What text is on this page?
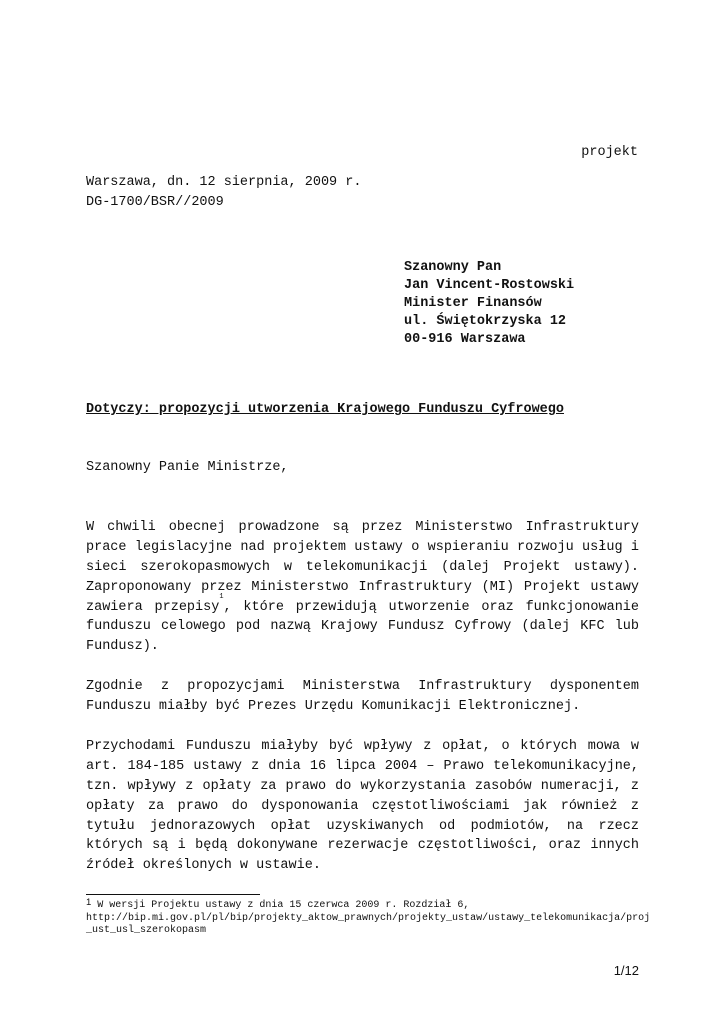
projekt
Warszawa, dn. 12 sierpnia, 2009 r.
DG-1700/BSR//2009
Szanowny Pan
Jan Vincent-Rostowski
Minister Finansów
ul. Świętokrzyska 12
00-916 Warszawa
Dotyczy: propozycji utworzenia Krajowego Funduszu Cyfrowego
Szanowny Panie Ministrze,
W chwili obecnej prowadzone są przez Ministerstwo Infrastruktury
prace legislacyjne nad projektem ustawy o wspieraniu rozwoju usług i
sieci szerokopasmowych w telekomunikacji (dalej Projekt ustawy).
Zaproponowany przez Ministerstwo Infrastruktury (MI) Projekt ustawy
zawiera przepisy$^1$, które przewidują utworzenie oraz funkcjonowanie
funduszu celowego pod nazwą Krajowy Fundusz Cyfrowy (dalej KFC lub
Fundusz).
Zgodnie z propozycjami Ministerstwa Infrastruktury dysponentem
Funduszu miałby być Prezes Urzędu Komunikacji Elektronicznej.
Przychodami Funduszu miałyby być wpływy z opłat, o których mowa w
art. 184-185 ustawy z dnia 16 lipca 2004 – Prawo telekomunikacyjne,
tzn. wpływy z opłaty za prawo do wykorzystania zasobów numeracji, z
opłaty za prawo do dysponowania częstotliwościami jak również z
tytułu jednorazowych opłat uzyskiwanych od podmiotów, na rzecz
których są i będą dokonywane rezerwacje częstotliwości, oraz innych
źródeł określonych w ustawie.
1 W wersji Projektu ustawy z dnia 15 czerwca 2009 r. Rozdział 6,
http://bip.mi.gov.pl/pl/bip/projekty_aktow_prawnych/projekty_ustaw/ustawy_telekomunikacja/proj
_ust_usl_szerokopasm
1/12
